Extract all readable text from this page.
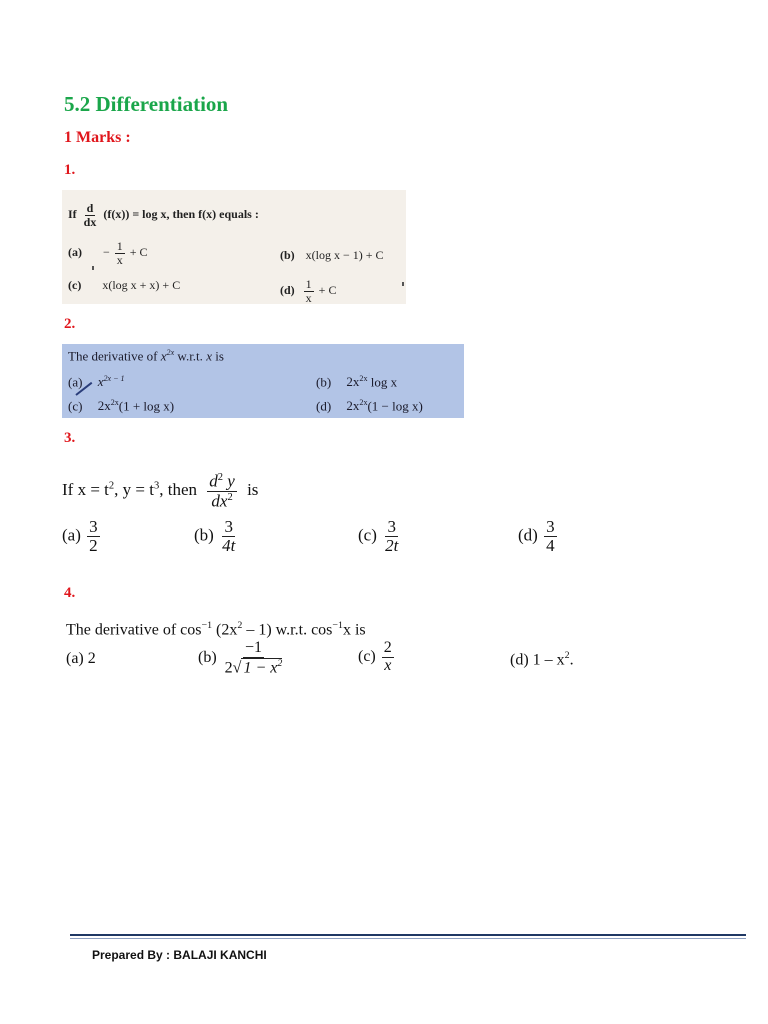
5.2 Differentiation
1 Marks :
1.
If $\frac{d}{dx} (f(x)) = \log x$, then f(x) equals :
$(a) - \frac{1}{x} + C$	(b) x(log x − 1) + C
(c) x(log x + x) + C	$(d) \frac{1}{x} + C$
2.
The derivative of $x^{2x}$ w.r.t. x is
(a) $x^{2x - 1}$	(b) $2x^{2x}$ log x
(c) $2x^{2x}(1 + \log x)$	(d) $2x^{2x}(1 - \log x)$
3.
If $x = t^2$, $y = t^3$, then $\frac{d^2 y}{dx^2}$ is
$(a) \frac{3}{2}$	$(b) \frac{3}{4t}$	$(c) \frac{3}{2t}$	$(d) \frac{3}{4}$
4.
The derivative of $\cos^{-1} (2x^2 - 1)$ w.r.t. $\cos^{-1}x$ is
(a) 2	$(b) \frac{-1}{2√ 1 - x^2}$	$(c) \frac{2}{x}$	(d) $1 - x^2$.
Prepared By : BALAJI KANCHI
